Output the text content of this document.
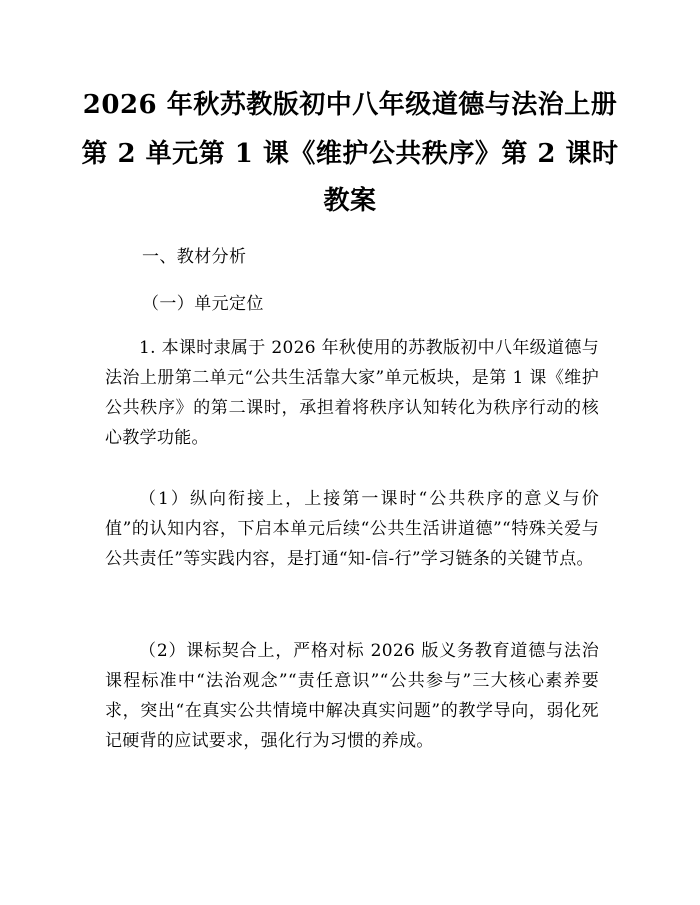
2026 年秋苏教版初中八年级道德与法治上册
第 2 单元第 1 课《维护公共秩序》第 2 课时
教案
一、教材分析
（一）单元定位

1. 本课时隶属于 2026 年秋使用的苏教版初中八年级道德与法治上册第二单元“公共生活靠大家”单元板块，是第 1 课《维护公共秩序》的第二课时，承担着将秩序认知转化为秩序行动的核心教学功能。

（1）纵向衔接上，上接第一课时“公共秩序的意义与价值”的认知内容，下启本单元后续“公共生活讲道德”“特殊关爱与公共责任”等实践内容，是打通“知-信-行”学习链条的关键节点。

（2）课标契合上，严格对标 2026 版义务教育道德与法治课程标准中“法治观念”“责任意识”“公共参与”三大核心素养要求，突出“在真实公共情境中解决真实问题”的教学导向，弱化死记硬背的应试要求，强化行为习惯的养成。
